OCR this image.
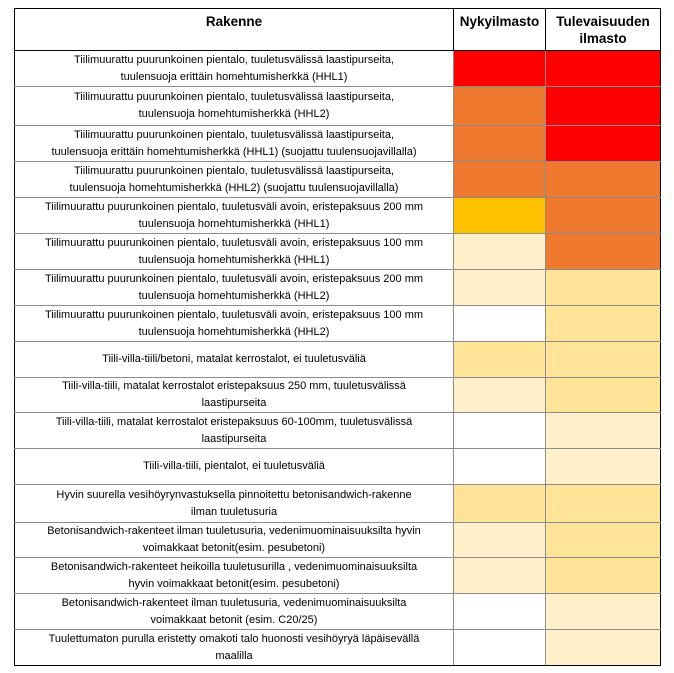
Rakenne	Nykyilmasto	Tulevaisuuden
ilmasto

Tiilimuurattu puurunkoinen pientalo, tuuletusvälissä laastipurseita,
tuulensuoja erittäin homehtumisherkkä (HHL1)		

Tiilimuurattu puurunkoinen pientalo, tuuletusvälissä laastipurseita,
tuulensuoja homehtumisherkkä (HHL2)		

Tiilimuurattu puurunkoinen pientalo, tuuletusvälissä laastipurseita,
tuulensuoja erittäin homehtumisherkkä (HHL1) (suojattu tuulensuojavillalla)		

Tiilimuurattu puurunkoinen pientalo, tuuletusvälissä laastipurseita,
tuulensuoja homehtumisherkkä (HHL2) (suojattu tuulensuojavillalla)		

Tiilimuurattu puurunkoinen pientalo, tuuletusväli avoin, eristepaksuus 200 mm
tuulensuoja homehtumisherkkä (HHL1)		

Tiilimuurattu puurunkoinen pientalo, tuuletusväli avoin, eristepaksuus 100 mm
tuulensuoja homehtumisherkkä (HHL1)		

Tiilimuurattu puurunkoinen pientalo, tuuletusväli avoin, eristepaksuus 200 mm
tuulensuoja homehtumisherkkä (HHL2)		

Tiilimuurattu puurunkoinen pientalo, tuuletusväli avoin, eristepaksuus 100 mm
tuulensuoja homehtumisherkkä (HHL2)		

Tiili-villa-tiili/betoni, matalat kerrostalot, ei tuuletusväliä		

Tiili-villa-tiili, matalat kerrostalot eristepaksuus 250 mm, tuuletusvälissä
laastipurseita		

Tiili-villa-tiili, matalat kerrostalot eristepaksuus 60-100mm, tuuletusvälissä
laastipurseita		

Tiili-villa-tiili, pientalot, ei tuuletusväliä		

Hyvin suurella vesihöyrynvastuksella pinnoitettu betonisandwich-rakenne
ilman tuuletusuria		

Betonisandwich-rakenteet ilman tuuletusuria, vedenimuominaisuuksilta hyvin
voimakkaat betonit(esim. pesubetoni)		

Betonisandwich-rakenteet heikoilla tuuletusurilla , vedenimuominaisuuksilta
hyvin voimakkaat betonit(esim. pesubetoni)		

Betonisandwich-rakenteet ilman tuuletusuria, vedenimuominaisuuksilta
voimakkaat betonit (esim. C20/25)		

Tuulettumaton purulla eristetty omakoti talo huonosti vesihöyryä läpäisevällä
maalilla		
